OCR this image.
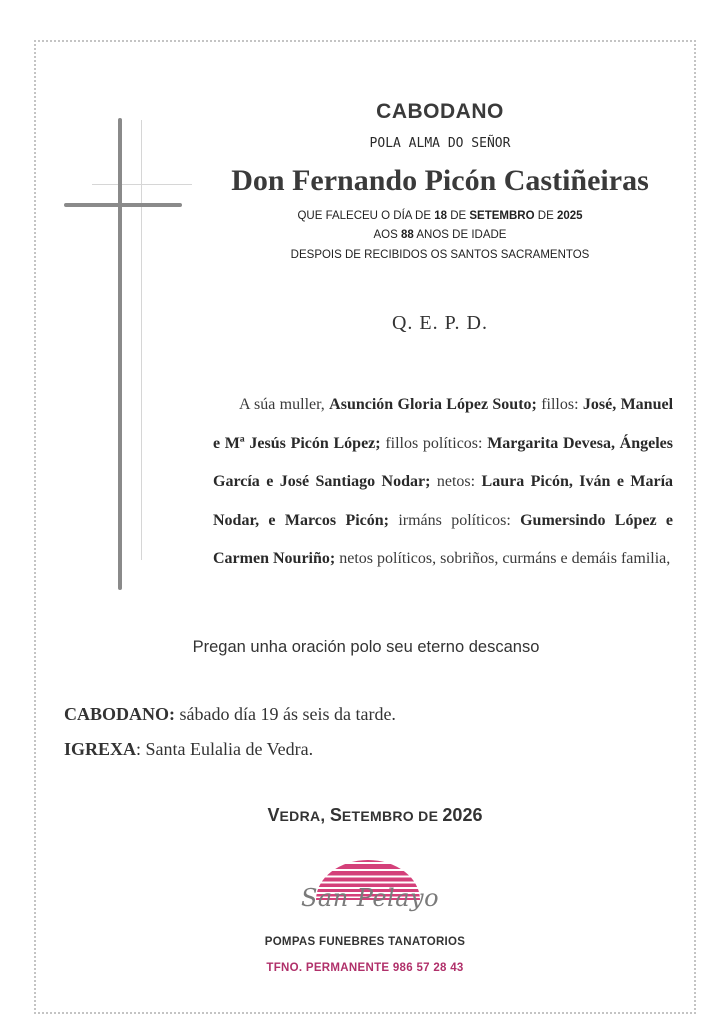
CABODANO
POLA ALMA DO SEÑOR
Don Fernando Picón Castiñeiras
QUE FALECEU O DÍA DE 18 DE SETEMBRO DE 2025
AOS 88 ANOS DE IDADE
DESPOIS DE RECIBIDOS OS SANTOS SACRAMENTOS
Q. E. P. D.
A súa muller, Asunción Gloria López Souto; fillos: José, Manuel e Mª Jesús Picón López; fillos políticos: Margarita Devesa, Ángeles García e José Santiago Nodar; netos: Laura Picón, Iván e María Nodar, e Marcos Picón; irmáns políticos: Gumersindo López e Carmen Nouriño; netos políticos, sobriños, curmáns e demáis familia,
Pregan unha oración polo seu eterno descanso
CABODANO: sábado día 19 ás seis da tarde.
IGREXA: Santa Eulalia de Vedra.
VEDRA, SETEMBRO DE 2026
San Pelayo
POMPAS FUNEBRES TANATORIOS
TFNO. PERMANENTE 986 57 28 43
